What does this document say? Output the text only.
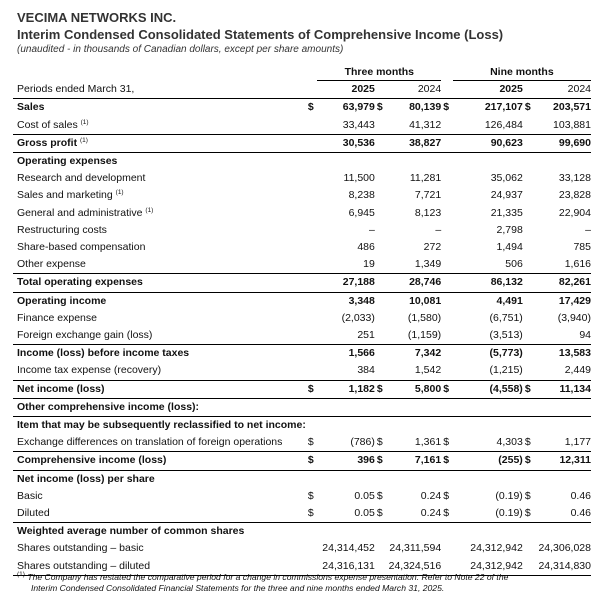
VECIMA NETWORKS INC.
Interim Condensed Consolidated Statements of Comprehensive Income (Loss)
(unaudited - in thousands of Canadian dollars, except per share amounts)

		Three months				Nine months		

Periods ended March 31,		2025		2024		2025		2024
Sales	$	63,979	$	80,139	$	217,107	$	203,571
Cost of sales $^{(1)}$		33,443		41,312		126,484		103,881
Gross profit $^{(1)}$		30,536		38,827		90,623		99,690
Operating expenses								
Research and development		11,500		11,281		35,062		33,128
Sales and marketing $^{(1)}$		8,238		7,721		24,937		23,828
General and administrative $^{(1)}$		6,945		8,123		21,335		22,904
Restructuring costs		–		–		2,798		–
Share-based compensation		486		272		1,494		785
Other expense		19		1,349		506		1,616
Total operating expenses		27,188		28,746		86,132		82,261
Operating income		3,348		10,081		4,491		17,429
Finance expense		(2,033)		(1,580)		(6,751)		(3,940)
Foreign exchange gain (loss)		251		(1,159)		(3,513)		94
Income (loss) before income taxes		1,566		7,342		(5,773)		13,583
Income tax expense (recovery)		384		1,542		(1,215)		2,449
Net income (loss)	$	1,182	$	5,800	$	(4,558)	$	11,134
Other comprehensive income (loss):								
Item that may be subsequently reclassified to net income:								
Exchange differences on translation of foreign operations	$	(786)	$	1,361	$	4,303	$	1,177
Comprehensive income (loss)	$	396	$	7,161	$	(255)	$	12,311
Net income (loss) per share								
Basic	$	0.05	$	0.24	$	(0.19)	$	0.46
Diluted	$	0.05	$	0.24	$	(0.19)	$	0.46
Weighted average number of common shares								
Shares outstanding – basic		24,314,452		24,311,594		24,312,942		24,306,028
Shares outstanding – diluted		24,316,131		24,324,516		24,312,942		24,314,830
$^{(1)}$ The Company has restated the comparative period for a change in commissions expense presentation. Refer to Note 22 of the
Interim Condensed Consolidated Financial Statements for the three and nine months ended March 31, 2025.
